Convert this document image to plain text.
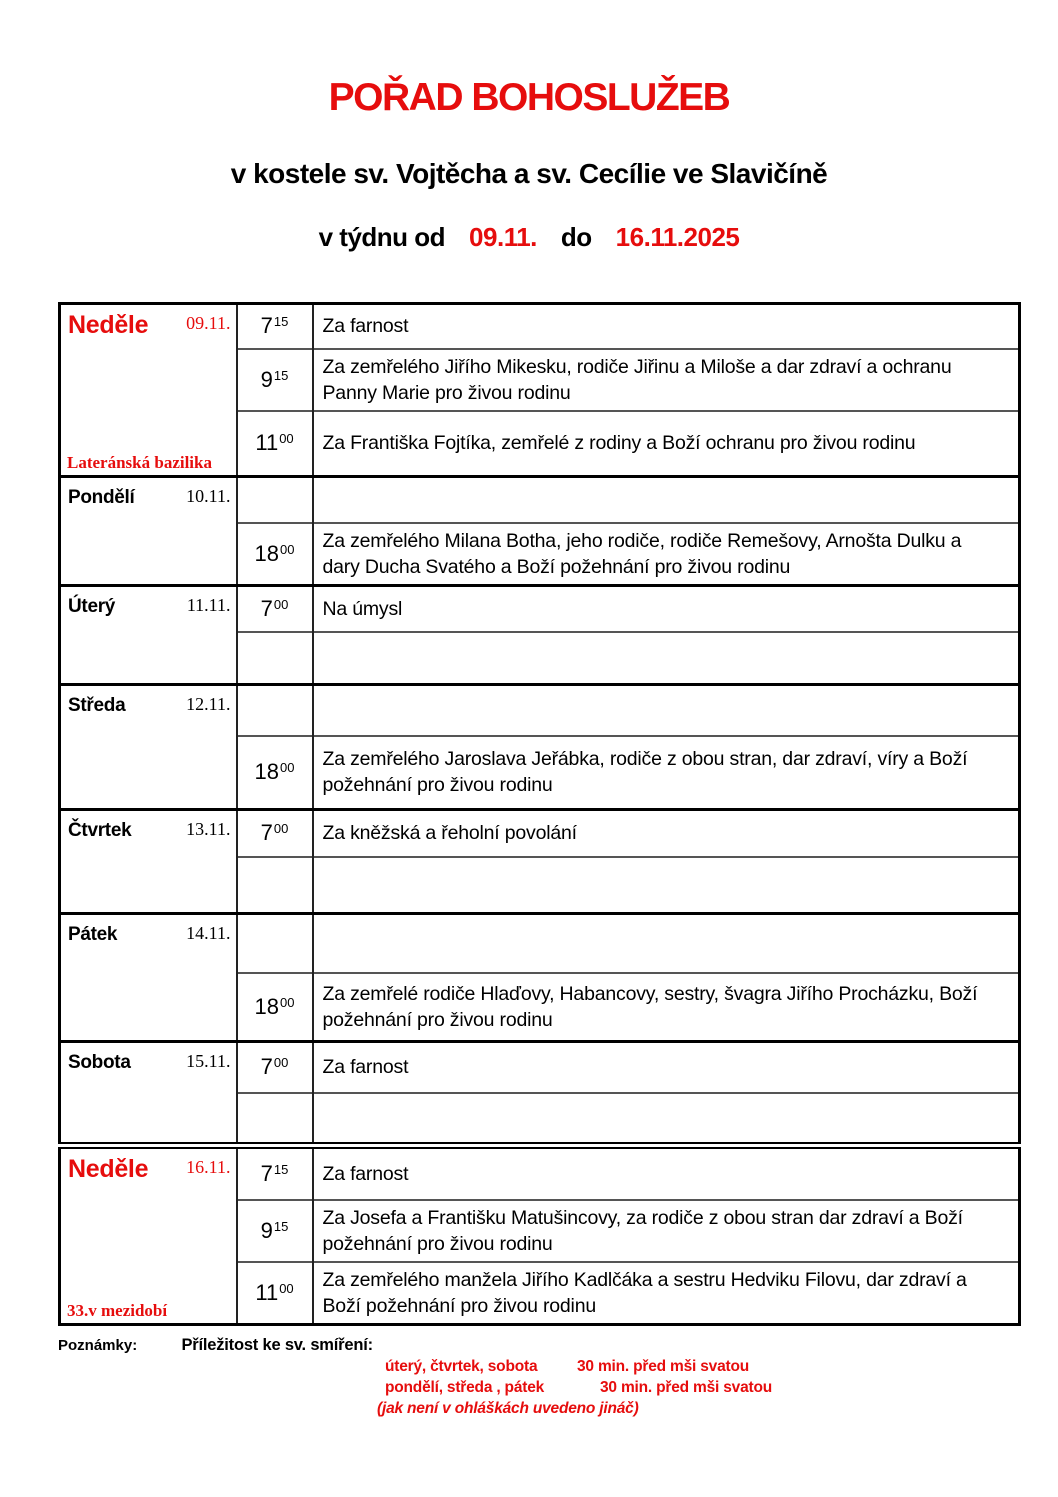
POŘAD BOHOSLUŽEB
v kostele sv. Vojtěcha a sv. Cecílie ve Slavičíně
v týdnu od 09.11. do 16.11.2025
Neděle 09.11.
Lateránská bazilika	$7^{15}$	Za farnost
	$9^{15}$	Za zemřelého Jiřího Mikesku, rodiče Jiřinu a Miloše a dar zdraví a ochranu Panny Marie pro živou rodinu
	$11^{00}$	Za Františka Fojtíka, zemřelé z rodiny a Boží ochranu pro živou rodinu

Pondělí 10.11.		

	$18^{00}$	Za zemřelého Milana Botha, jeho rodiče, rodiče Remešovy, Arnošta Dulku a dary Ducha Svatého a Boží požehnání pro živou rodinu

Úterý 11.11.	$7^{00}$	Na úmysl

Středa 12.11.		

	$18^{00}$	Za zemřelého Jaroslava Jeřábka, rodiče z obou stran, dar zdraví, víry a Boží požehnání pro živou rodinu

Čtvrtek 13.11.	$7^{00}$	Za kněžská a řeholní povolání

Pátek 14.11.		

	$18^{00}$	Za zemřelé rodiče Hlaďovy, Habancovy, sestry, švagra Jiřího Procházku, Boží požehnání pro živou rodinu

Sobota 15.11.	$7^{00}$	Za farnost

Neděle 16.11.
33.v mezidobí	$7^{15}$	Za farnost
	$9^{15}$	Za Josefa a Františku Matušincovy, za rodiče z obou stran dar zdraví a Boží požehnání pro živou rodinu
	$11^{00}$	Za zemřelého manžela Jiřího Kadlčáka a sestru Hedviku Filovu, dar zdraví a Boží požehnání pro živou rodinu
Poznámky:	Příležitost ke sv. smíření:
úterý, čtvrtek, sobota	30 min. před mši svatou
pondělí, středa , pátek	30 min. před mši svatou
(jak není v ohláškách uvedeno jináč)
